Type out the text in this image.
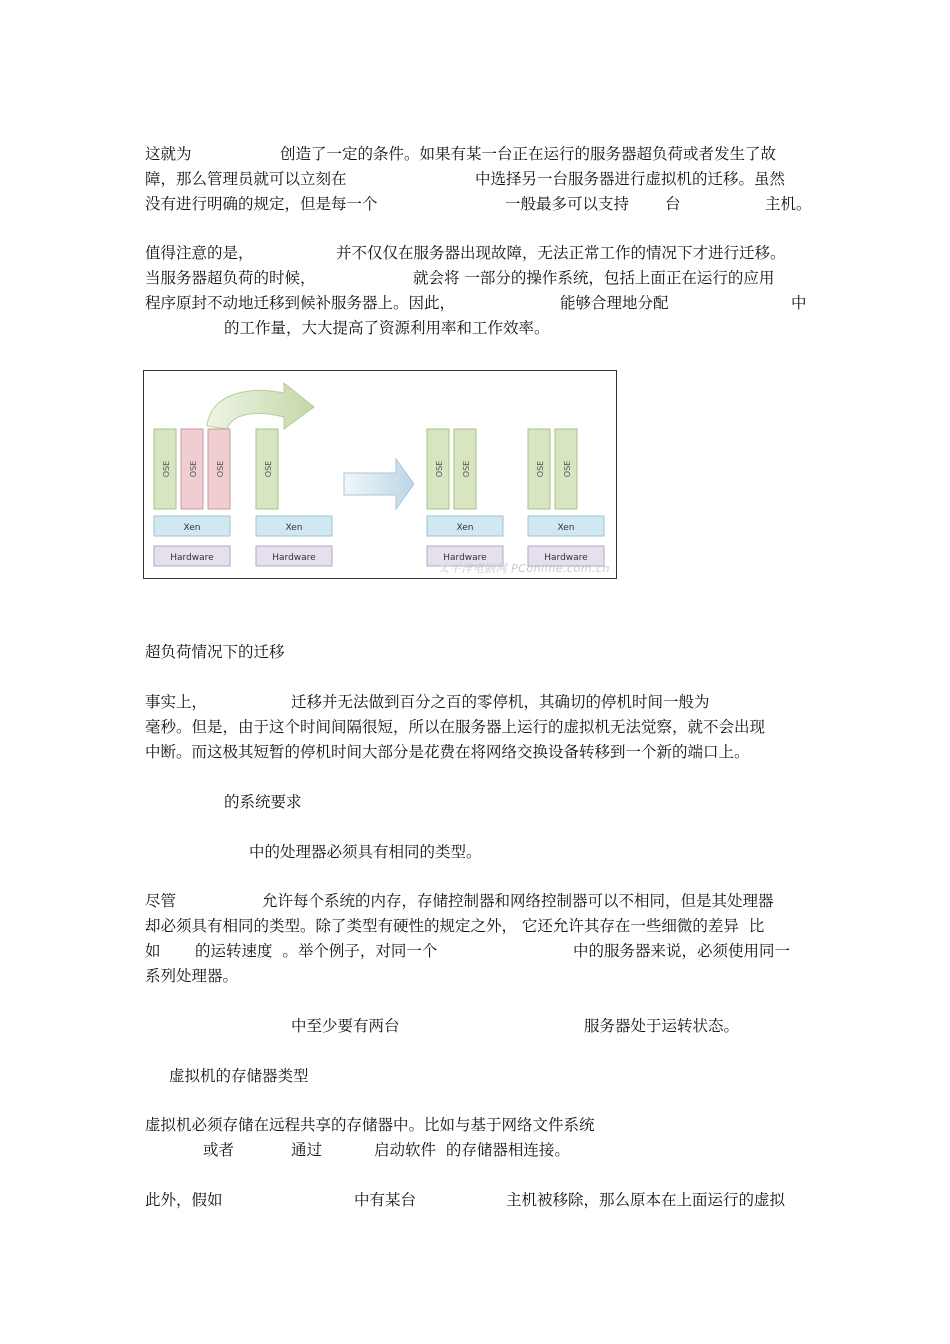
这就为	创造了一定的条件。如果有某一台正在运行的服务器超负荷或者发生了故
障，那么管理员就可以立刻在	中选择另一台服务器进行虚拟机的迁移。虽然
没有进行明确的规定，但是每一个	一般最多可以支持 台	主机。
值得注意的是，	并不仅仅在服务器出现故障，无法正常工作的情况下才进行迁移。
当服务器超负荷的时候，	就会将 一部分的操作系统，包括上面正在运行的应用
程序原封不动地迁移到候补服务器上。因此，	能够合理地分配	中
的工作量，大大提高了资源利用率和工作效率。
OSE OSE OSE
Xen
Hardware
OSE
Xen
Hardware
OSE OSE
Xen
Hardware
OSE OSE
Xen
Hardware
太平洋电脑网 PConline.com.cn
超负荷情况下的迁移
事实上，	迁移并无法做到百分之百的零停机，其确切的停机时间一般为
毫秒。但是，由于这个时间间隔很短，所以在服务器上运行的虚拟机无法觉察，就不会出现
中断。而这极其短暂的停机时间大部分是花费在将网络交换设备转移到一个新的端口上。
的系统要求
中的处理器必须具有相同的类型。
尽管	允许每个系统的内存，存储控制器和网络控制器可以不相同，但是其处理器
却必须具有相同的类型。除了类型有硬性的规定之外， 它还允许其存在一些细微的差异  比
如 的运转速度  。举个例子，对同一个	中的服务器来说，必须使用同一
系列处理器。
中至少要有两台	服务器处于运转状态。
虚拟机的存储器类型
虚拟机必须存储在远程共享的存储器中。比如与基于网络文件系统
或者	通过	启动软件  的存储器相连接。
此外，假如	中有某台	主机被移除，那么原本在上面运行的虚拟
